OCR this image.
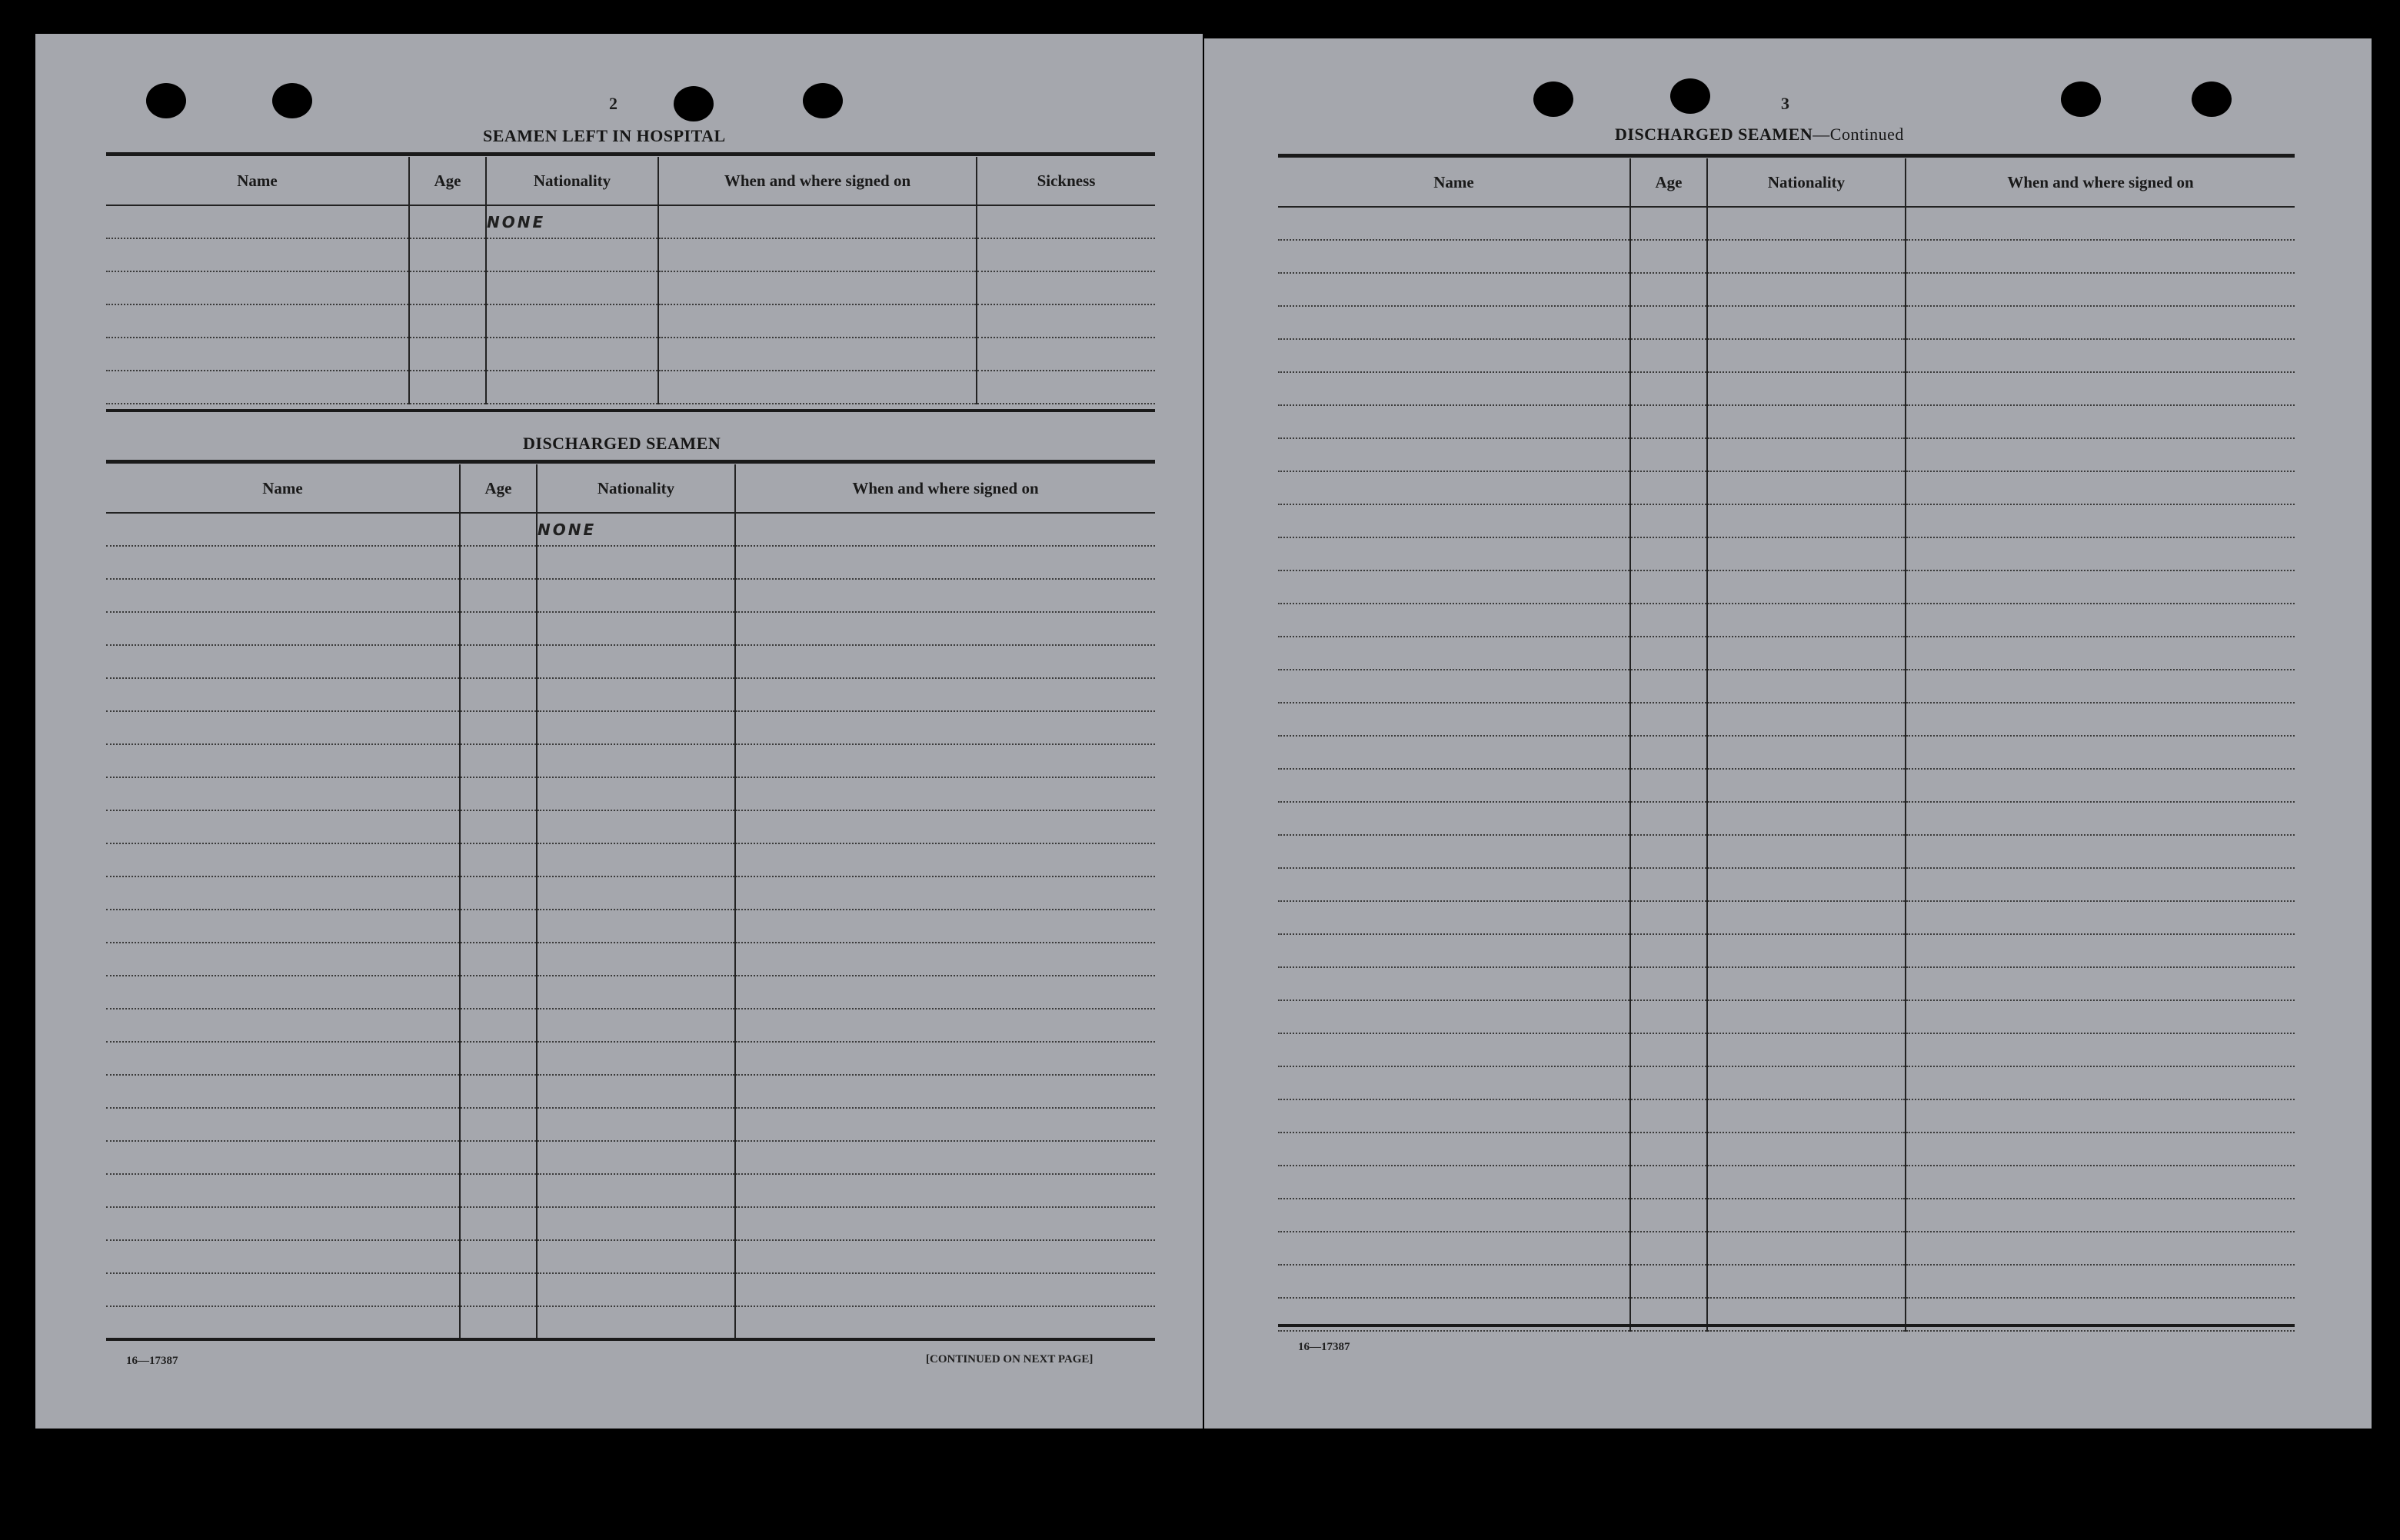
2
SEAMEN LEFT IN HOSPITAL
Name	Age	Nationality	When and where signed on	Sickness
		NONE		

DISCHARGED SEAMEN
Name	Age	Nationality	When and where signed on
		NONE	

16—17387	[CONTINUED ON NEXT PAGE]
3
DISCHARGED SEAMEN—Continued
Name	Age	Nationality	When and where signed on

16—17387
